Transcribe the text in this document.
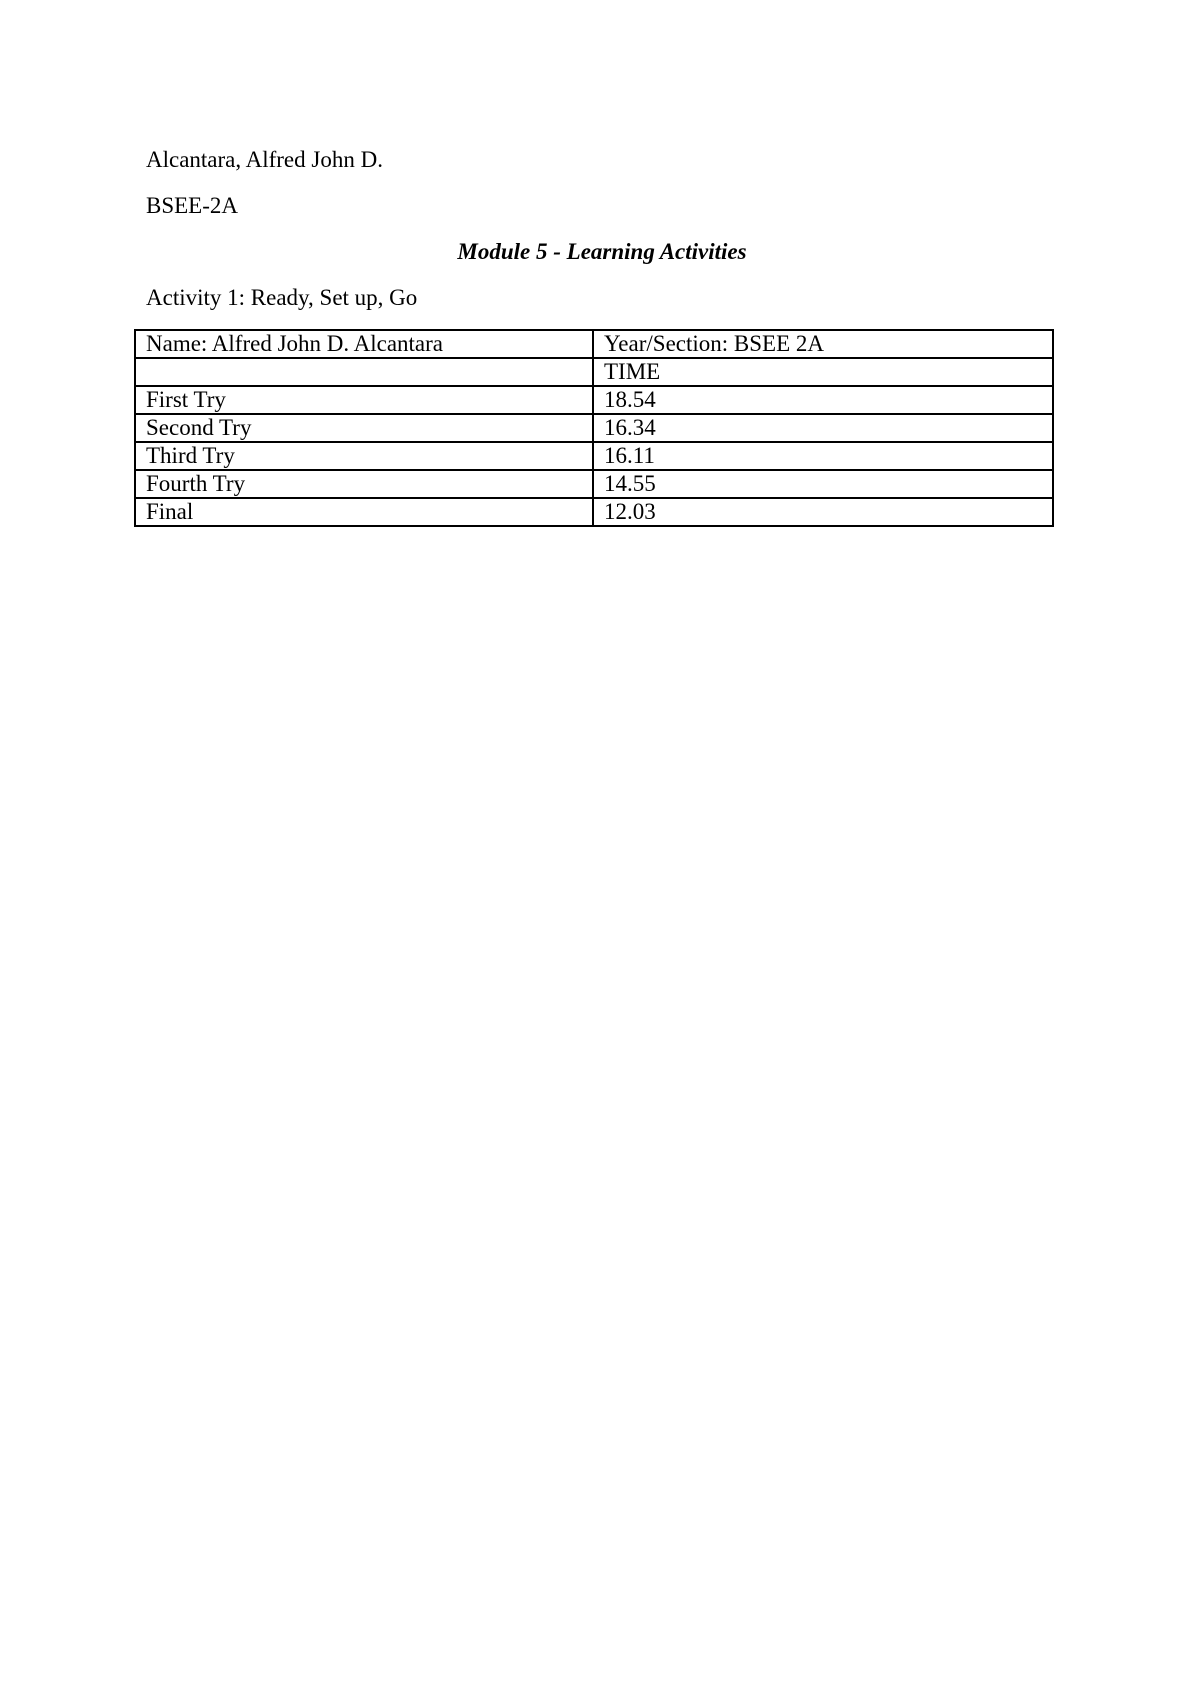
Alcantara, Alfred John D.
BSEE-2A
Module 5 - Learning Activities
Activity 1: Ready, Set up, Go
Name: Alfred John D. Alcantara	Year/Section: BSEE 2A
	TIME
First Try	18.54
Second Try	16.34
Third Try	16.11
Fourth Try	14.55
Final	12.03
